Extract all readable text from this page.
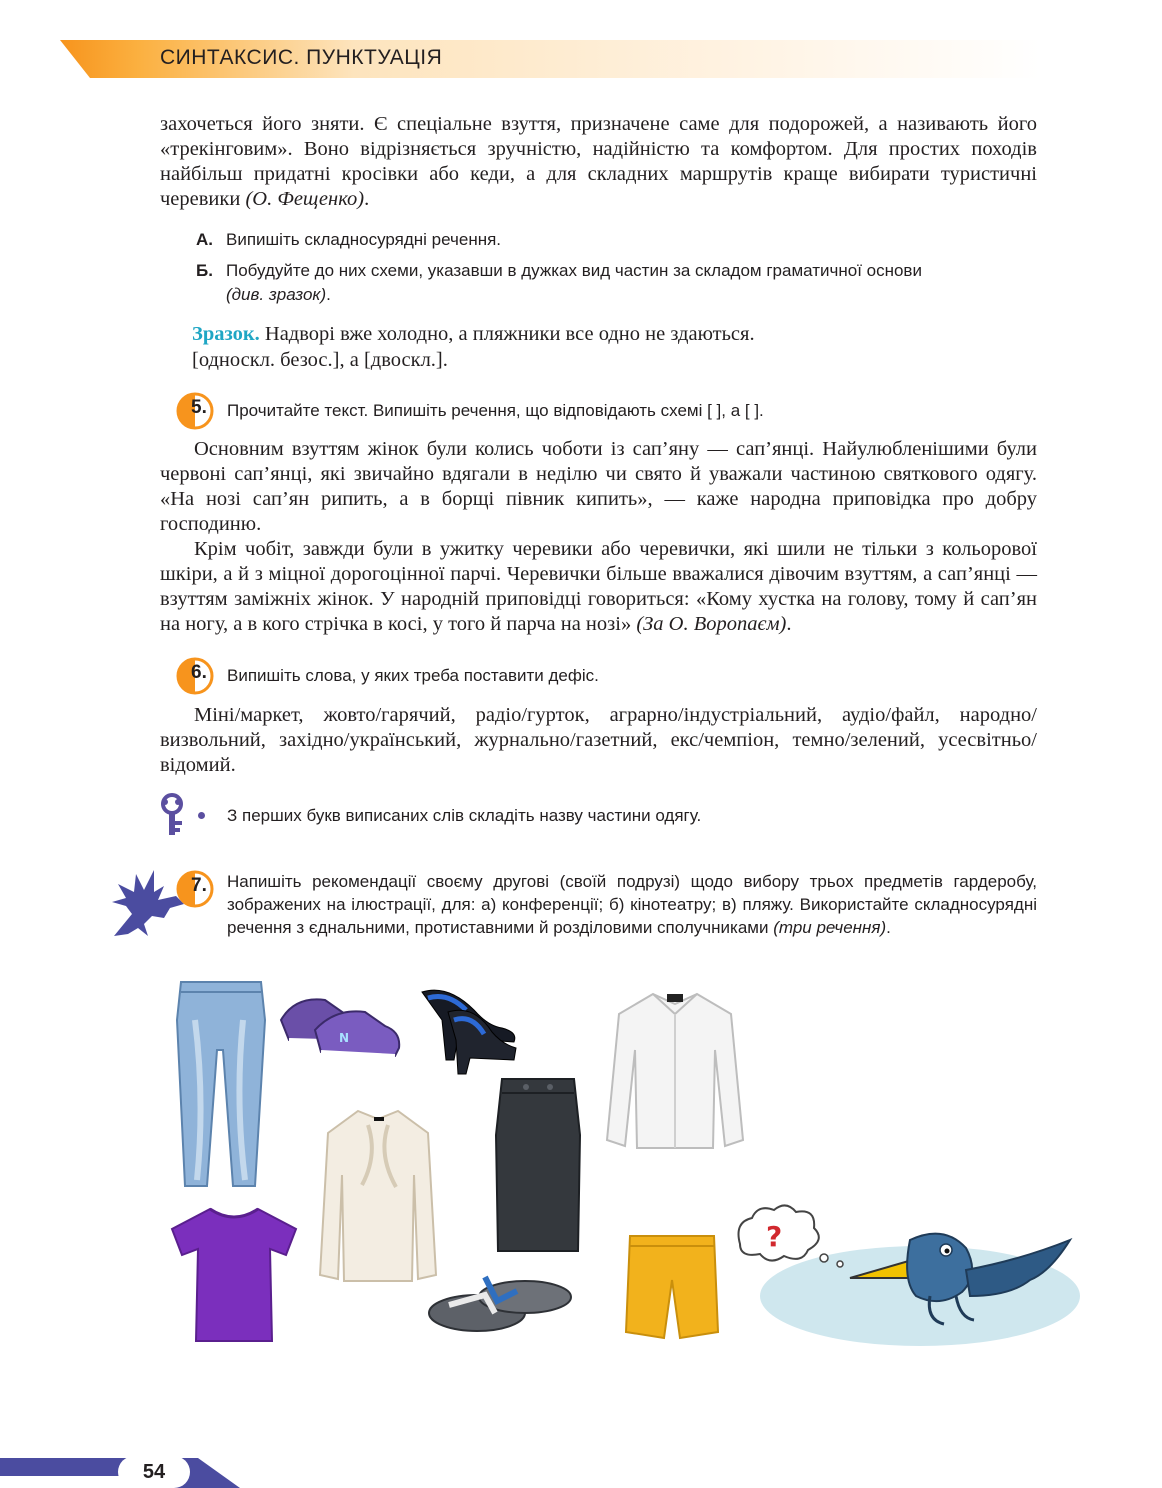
СИНТАКСИС. ПУНКТУАЦІЯ

захочеться його зняти. Є спеціальне взуття, призначене саме для подорожей, а називають його «трекінговим». Воно відрізняється зручністю, надійністю та комфортом. Для простих походів найбільш придатні кросівки або кеди, а для складних маршрутів краще вибирати туристичні черевики (О. Фещенко).

А. Випишіть складносурядні речення.
Б. Побудуйте до них схеми, указавши в дужках вид частин за складом граматичної основи
(див. зразок).
Зразок. Надворі вже холодно, а пляжники все одно не здаються.
[односкл. безос.], а [двоскл.].
5. Прочитайте текст. Випишіть речення, що відповідають схемі [ ], а [ ].

Основним взуттям жінок були колись чоботи із сап’яну — сап’янці. Найулюбленішими були червоні сап’янці, які звичайно вдягали в неділю чи свято й уважали частиною святкового одягу. «На нозі сап’ян рипить, а в борщі півник кипить», — каже народна приповідка про добру господиню.

Крім чобіт, завжди були в ужитку черевики або черевички, які шили не тільки з кольорової шкіри, а й з міцної дорогоцінної парчі. Черевички більше вважалися дівочим взуттям, а сап’янці — взуттям заміжніх жінок. У народній приповідці говориться: «Кому хустка на голову, тому й сап’ян на ногу, а в кого стрічка в косі, у того й парча на нозі» (За О. Воропаєм).

6. Випишіть слова, у яких треба поставити дефіс.

Міні/маркет, жовто/гарячий, радіо/гурток, аграрно/індустріальний, аудіо/файл, народно/визвольний, західно/український, журнально/газетний, екс/чемпіон, темно/зелений, усесвітньо/відомий.

З перших букв виписаних слів складіть назву частини одягу.
7. Напишіть рекомендації своєму другові (своїй подрузі) щодо вибору трьох предметів гардеробу, зображених на ілюстрації, для: а) конференції; б) кінотеатру; в) пляжу. Використайте складносурядні речення з єднальними, протиставними й розділовими сполучниками (три речення).
N
?
54
